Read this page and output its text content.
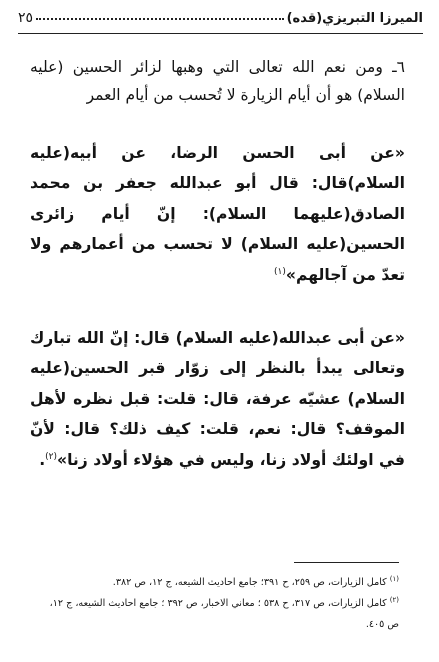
الميرزا التبريزي(قده)
٢٥

٦ـ ومن نعم الله تعالى التي وهبها لزائر الحسين (عليه السلام) هو أن أيام الزيارة لا تُحسب من أيام العمر

«عن أبى الحسن الرضا، عن أبيه(عليه السلام)قال: قال أبو عبدالله جعفر بن محمد الصادق(عليهما السلام): إنّ أيام زائرى الحسين(عليه السلام) لا تحسب من أعمارهم ولا تعدّ من آجالهم»$^{(١)}$

«عن أبى عبدالله(عليه السلام) قال: إنّ الله تبارك وتعالى يبدأ بالنظر إلى زوّار قبر الحسين(عليه السلام) عشيّه عرفة، قال: قلت: قبل نظره لأهل الموقف؟ قال: نعم، قلت: كيف ذلك؟ قال: لأنّ في اولئك أولاد زنا، وليس في هؤلاء أولاد زنا»$^{(٢)}$.

$^{(١)}$ كامل الزيارات، ص ٢٥٩، ح ٣٩١؛ جامع احاديث الشيعه، ج ١٢، ص ٣٨٢.

$^{(٢)}$ كامل الزيارات، ص ٣١٧، ح ٥٣٨ ؛ معاني الاخبار، ص ٣٩٢ ؛ جامع احاديث الشيعه، ج ١٢، ص ٤٠٥.
